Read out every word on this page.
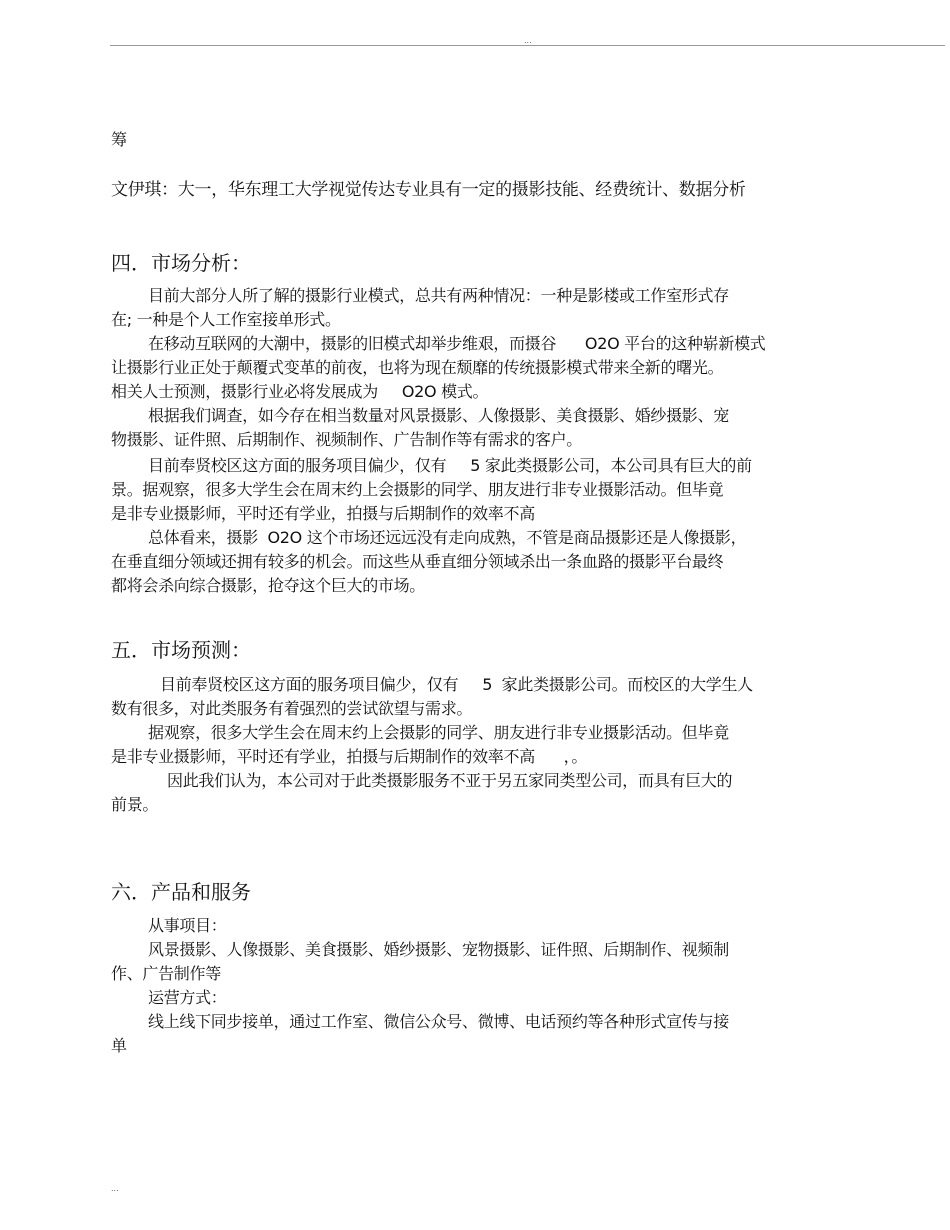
...
筹
文伊琪：大一，华东理工大学视觉传达专业具有一定的摄影技能、经费统计、数据分析
四．市场分析：
目前大部分人所了解的摄影行业模式，总共有两种情况：一种是影楼或工作室形式存
在; 一种是个人工作室接单形式。
在移动互联网的大潮中，摄影的旧模式却举步维艰，而摄谷      O2O 平台的这种崭新模式
让摄影行业正处于颠覆式变革的前夜，也将为现在颓靡的传统摄影模式带来全新的曙光。
相关人士预测，摄影行业必将发展成为     O2O 模式。
根据我们调查，如今存在相当数量对风景摄影、人像摄影、美食摄影、婚纱摄影、宠
物摄影、证件照、后期制作、视频制作、广告制作等有需求的客户。
目前奉贤校区这方面的服务项目偏少，仅有     5 家此类摄影公司，本公司具有巨大的前
景。据观察，很多大学生会在周末约上会摄影的同学、朋友进行非专业摄影活动。但毕竟
是非专业摄影师，平时还有学业，拍摄与后期制作的效率不高
总体看来，摄影  O2O 这个市场还远远没有走向成熟，不管是商品摄影还是人像摄影，
在垂直细分领域还拥有较多的机会。而这些从垂直细分领域杀出一条血路的摄影平台最终
都将会杀向综合摄影，抢夺这个巨大的市场。
五．市场预测：
目前奉贤校区这方面的服务项目偏少，仅有     5  家此类摄影公司。而校区的大学生人
数有很多，对此类服务有着强烈的尝试欲望与需求。
据观察，很多大学生会在周末约上会摄影的同学、朋友进行非专业摄影活动。但毕竟
是非专业摄影师，平时还有学业，拍摄与后期制作的效率不高      ，。
因此我们认为，本公司对于此类摄影服务不亚于另五家同类型公司，而具有巨大的
前景。
六．产品和服务
从事项目：
风景摄影、人像摄影、美食摄影、婚纱摄影、宠物摄影、证件照、后期制作、视频制
作、广告制作等
运营方式：
线上线下同步接单，通过工作室、微信公众号、微博、电话预约等各种形式宣传与接
单
...
